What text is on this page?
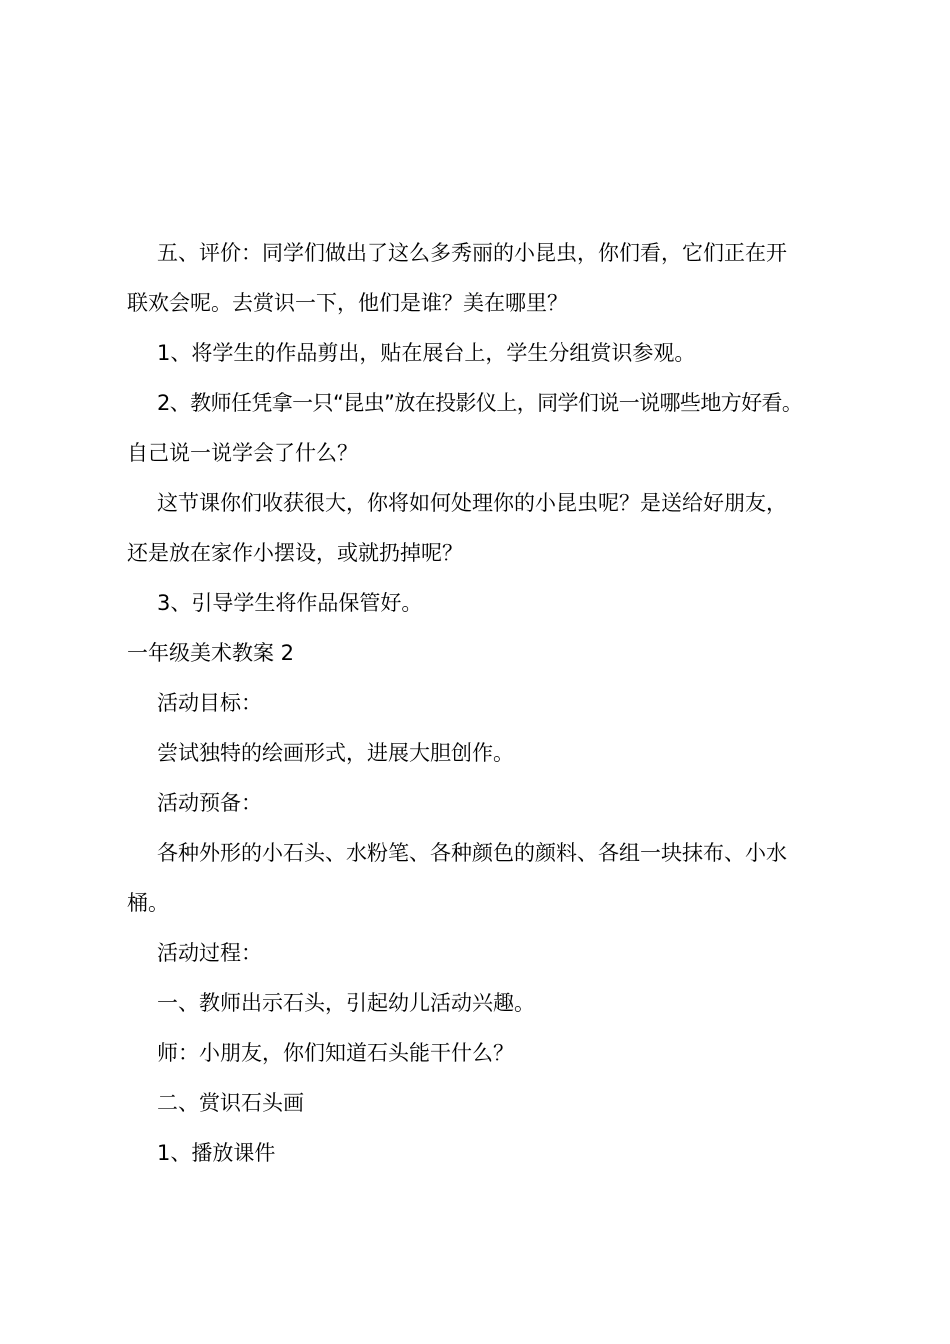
五、评价：同学们做出了这么多秀丽的小昆虫，你们看，它们正在开
联欢会呢。去赏识一下，他们是谁？美在哪里？
1、将学生的作品剪出，贴在展台上，学生分组赏识参观。
2、教师任凭拿一只“昆虫”放在投影仪上，同学们说一说哪些地方好看。
自己说一说学会了什么？
这节课你们收获很大，你将如何处理你的小昆虫呢？是送给好朋友，
还是放在家作小摆设，或就扔掉呢？
3、引导学生将作品保管好。
一年级美术教案 2
活动目标：
尝试独特的绘画形式，进展大胆创作。
活动预备：
各种外形的小石头、水粉笔、各种颜色的颜料、各组一块抹布、小水
桶。
活动过程：
一、教师出示石头，引起幼儿活动兴趣。
师：小朋友，你们知道石头能干什么？
二、赏识石头画
1、播放课件
